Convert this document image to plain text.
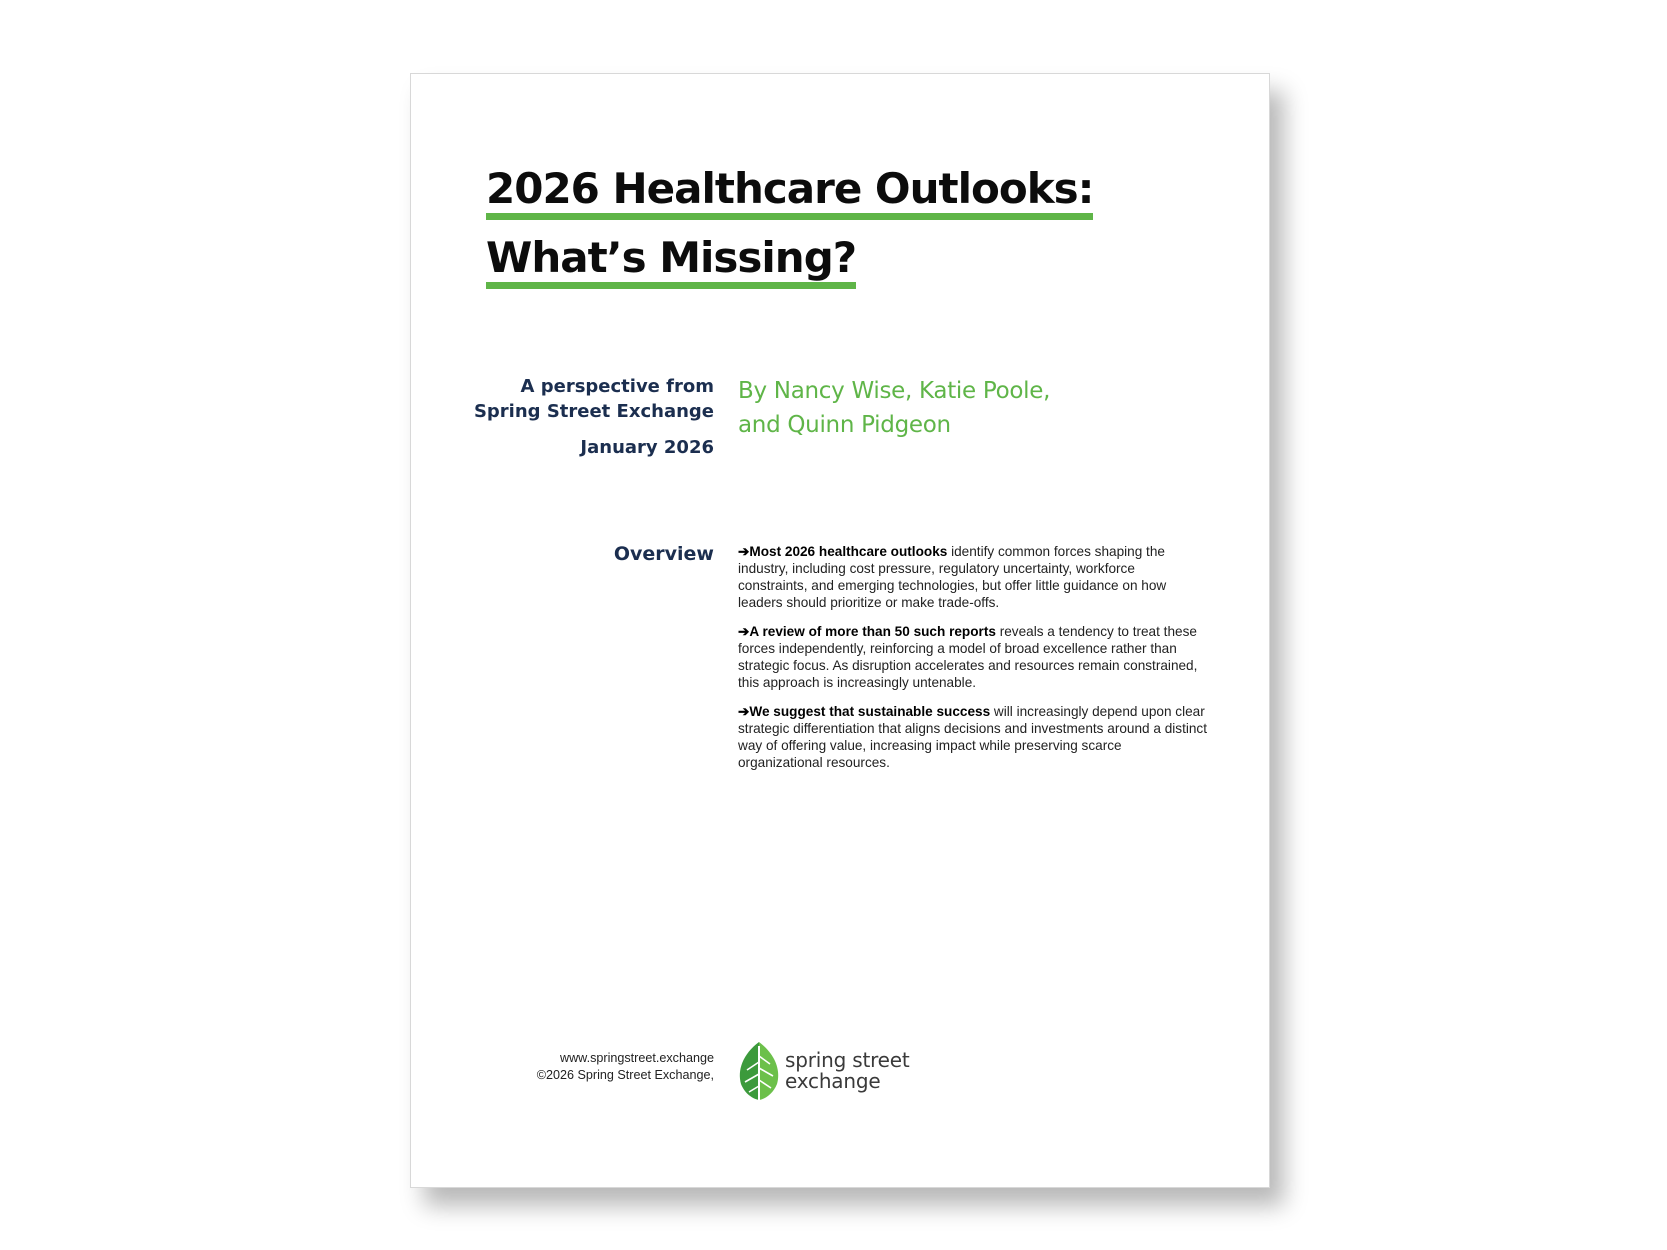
2026 Healthcare Outlooks:
What’s Missing?
A perspective from
Spring Street Exchange
January 2026
By Nancy Wise, Katie Poole,
and Quinn Pidgeon
Overview ➔Most 2026 healthcare outlooks identify common forces shaping the industry, including cost pressure, regulatory uncertainty, workforce constraints, and emerging technologies, but offer little guidance on how leaders should prioritize or make trade-offs.

➔A review of more than 50 such reports reveals a tendency to treat these forces independently, reinforcing a model of broad excellence rather than strategic focus. As disruption accelerates and resources remain constrained, this approach is increasingly untenable.

➔We suggest that sustainable success will increasingly depend upon clear strategic differentiation that aligns decisions and investments around a distinct way of offering value, increasing impact while preserving scarce organizational resources.

www.springstreet.exchange
©2026 Spring Street Exchange,
spring street
exchange
